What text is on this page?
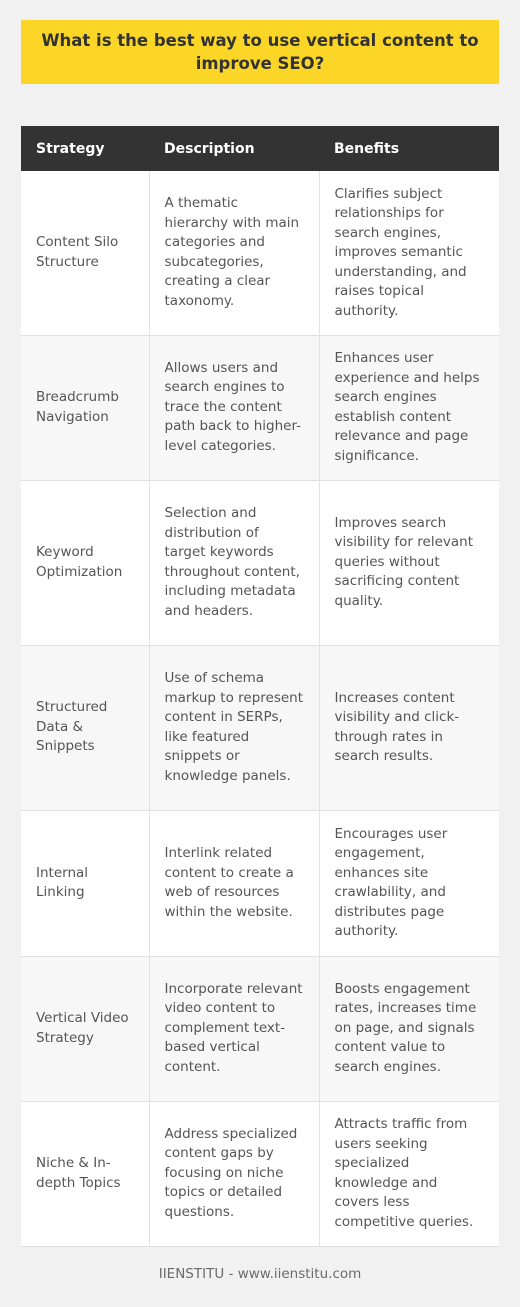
What is the best way to use vertical content to improve SEO?
Strategy	Description	Benefits
Content Silo Structure	A thematic hierarchy with main categories and subcategories, creating a clear taxonomy.	Clarifies subject relationships for search engines, improves semantic understanding, and raises topical authority.
Breadcrumb Navigation	Allows users and search engines to trace the content path back to higher-level categories.	Enhances user experience and helps search engines establish content relevance and page significance.
Keyword Optimization	Selection and distribution of target keywords throughout content, including metadata and headers.	Improves search visibility for relevant queries without sacrificing content quality.
Structured Data & Snippets	Use of schema markup to represent content in SERPs, like featured snippets or knowledge panels.	Increases content visibility and click-through rates in search results.
Internal Linking	Interlink related content to create a web of resources within the website.	Encourages user engagement, enhances site crawlability, and distributes page authority.
Vertical Video Strategy	Incorporate relevant video content to complement text-based vertical content.	Boosts engagement rates, increases time on page, and signals content value to search engines.
Niche & In-depth Topics	Address specialized content gaps by focusing on niche topics or detailed questions.	Attracts traffic from users seeking specialized knowledge and covers less competitive queries.
IIENSTITU - www.iienstitu.com
